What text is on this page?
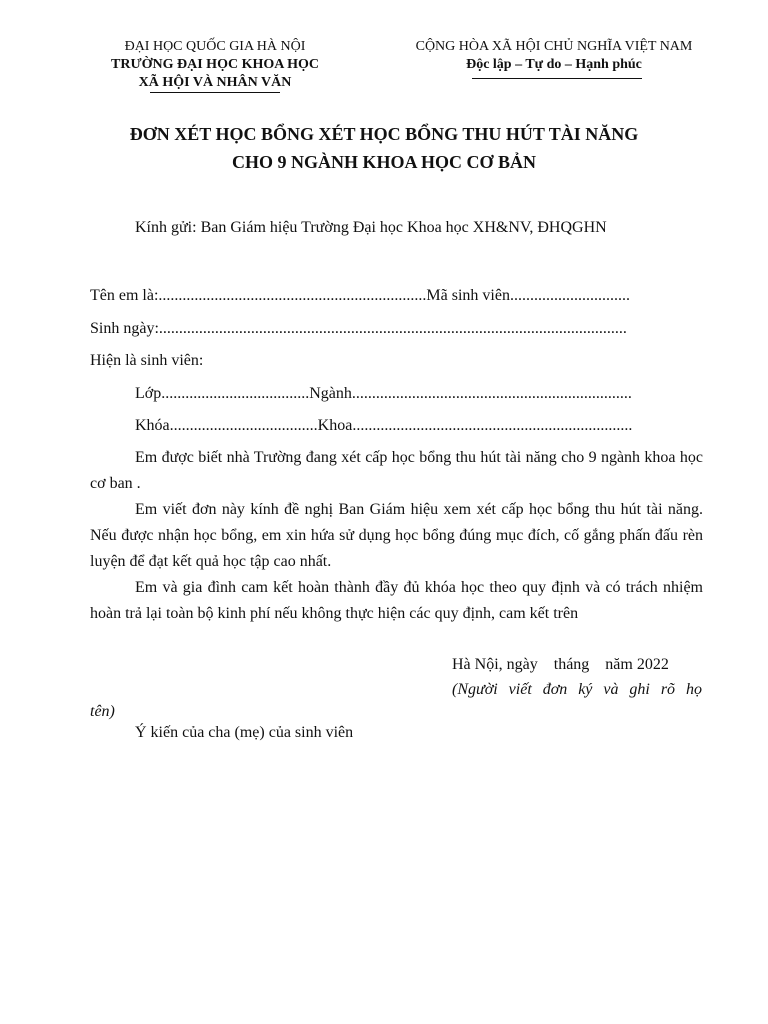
ĐẠI HỌC QUỐC GIA HÀ NỘI
TRƯỜNG ĐẠI HỌC KHOA HỌC
XÃ HỘI VÀ NHÂN VĂN
CỘNG HÒA XÃ HỘI CHỦ NGHĨA VIỆT NAM
Độc lập – Tự do – Hạnh phúc
ĐƠN XÉT HỌC BỔNG XÉT HỌC BỔNG THU HÚT TÀI NĂNG
CHO 9 NGÀNH KHOA HỌC CƠ BẢN
Kính gửi: Ban Giám hiệu Trường Đại học Khoa học XH&NV, ĐHQGHN
Tên em là:...................................................................Mã sinh viên..............................
Sinh ngày:.....................................................................................................................
Hiện là sinh viên:
Lớp.....................................Ngành......................................................................
Khóa.....................................Khoa......................................................................
Em được biết nhà Trường đang xét cấp học bổng thu hút tài năng cho 9 ngành khoa học cơ ban .
Em viết đơn này kính đề nghị Ban Giám hiệu xem xét cấp học bổng thu hút tài năng. Nếu được nhận học bổng, em xin hứa sử dụng học bổng đúng mục đích, cố gắng phấn đấu rèn luyện để đạt kết quả học tập cao nhất.
Em và gia đình cam kết hoàn thành đầy đủ khóa học theo quy định và có trách nhiệm hoàn trả lại toàn bộ kinh phí nếu không thực hiện các quy định, cam kết trên
Hà Nội, ngày    tháng    năm 2022
(Người viết đơn ký và ghi rõ họ
tên)
Ý kiến của cha (mẹ) của sinh viên
